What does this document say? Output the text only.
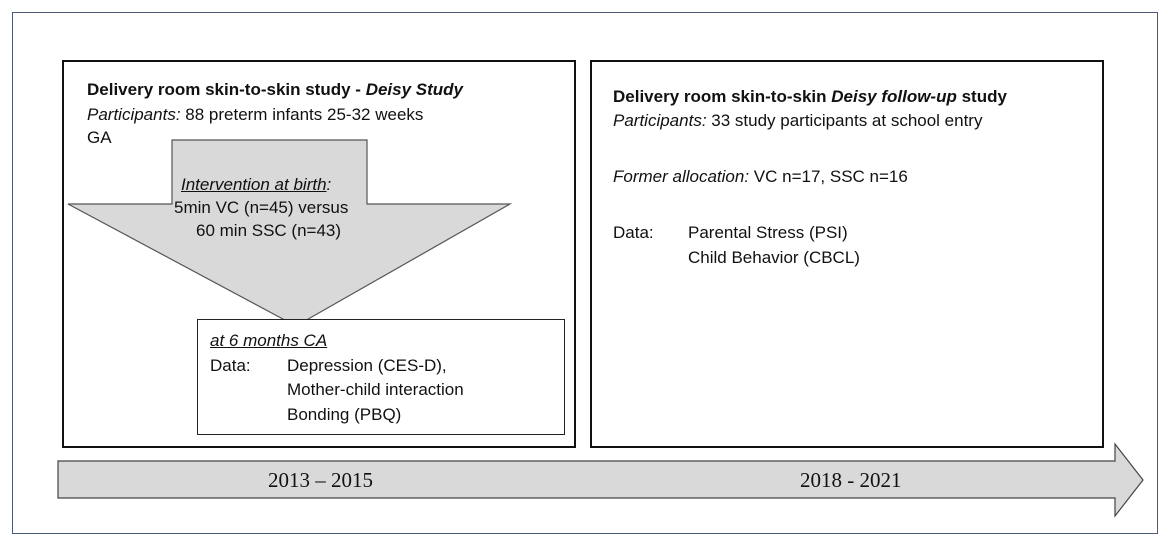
Delivery room skin-to-skin study - Deisy Study
Participants: 88 preterm infants 25-32 weeks
GA
Intervention at birth:
5min VC (n=45) versus
60 min SSC (n=43)
at 6 months CA
Data: Depression (CES-D),
Mother-child interaction
Bonding (PBQ)
Delivery room skin-to-skin Deisy follow-up study
Participants: 33 study participants at school entry
Former allocation: VC n=17, SSC n=16
Data: Parental Stress (PSI)
Child Behavior (CBCL)
2013 – 2015	2018 - 2021
